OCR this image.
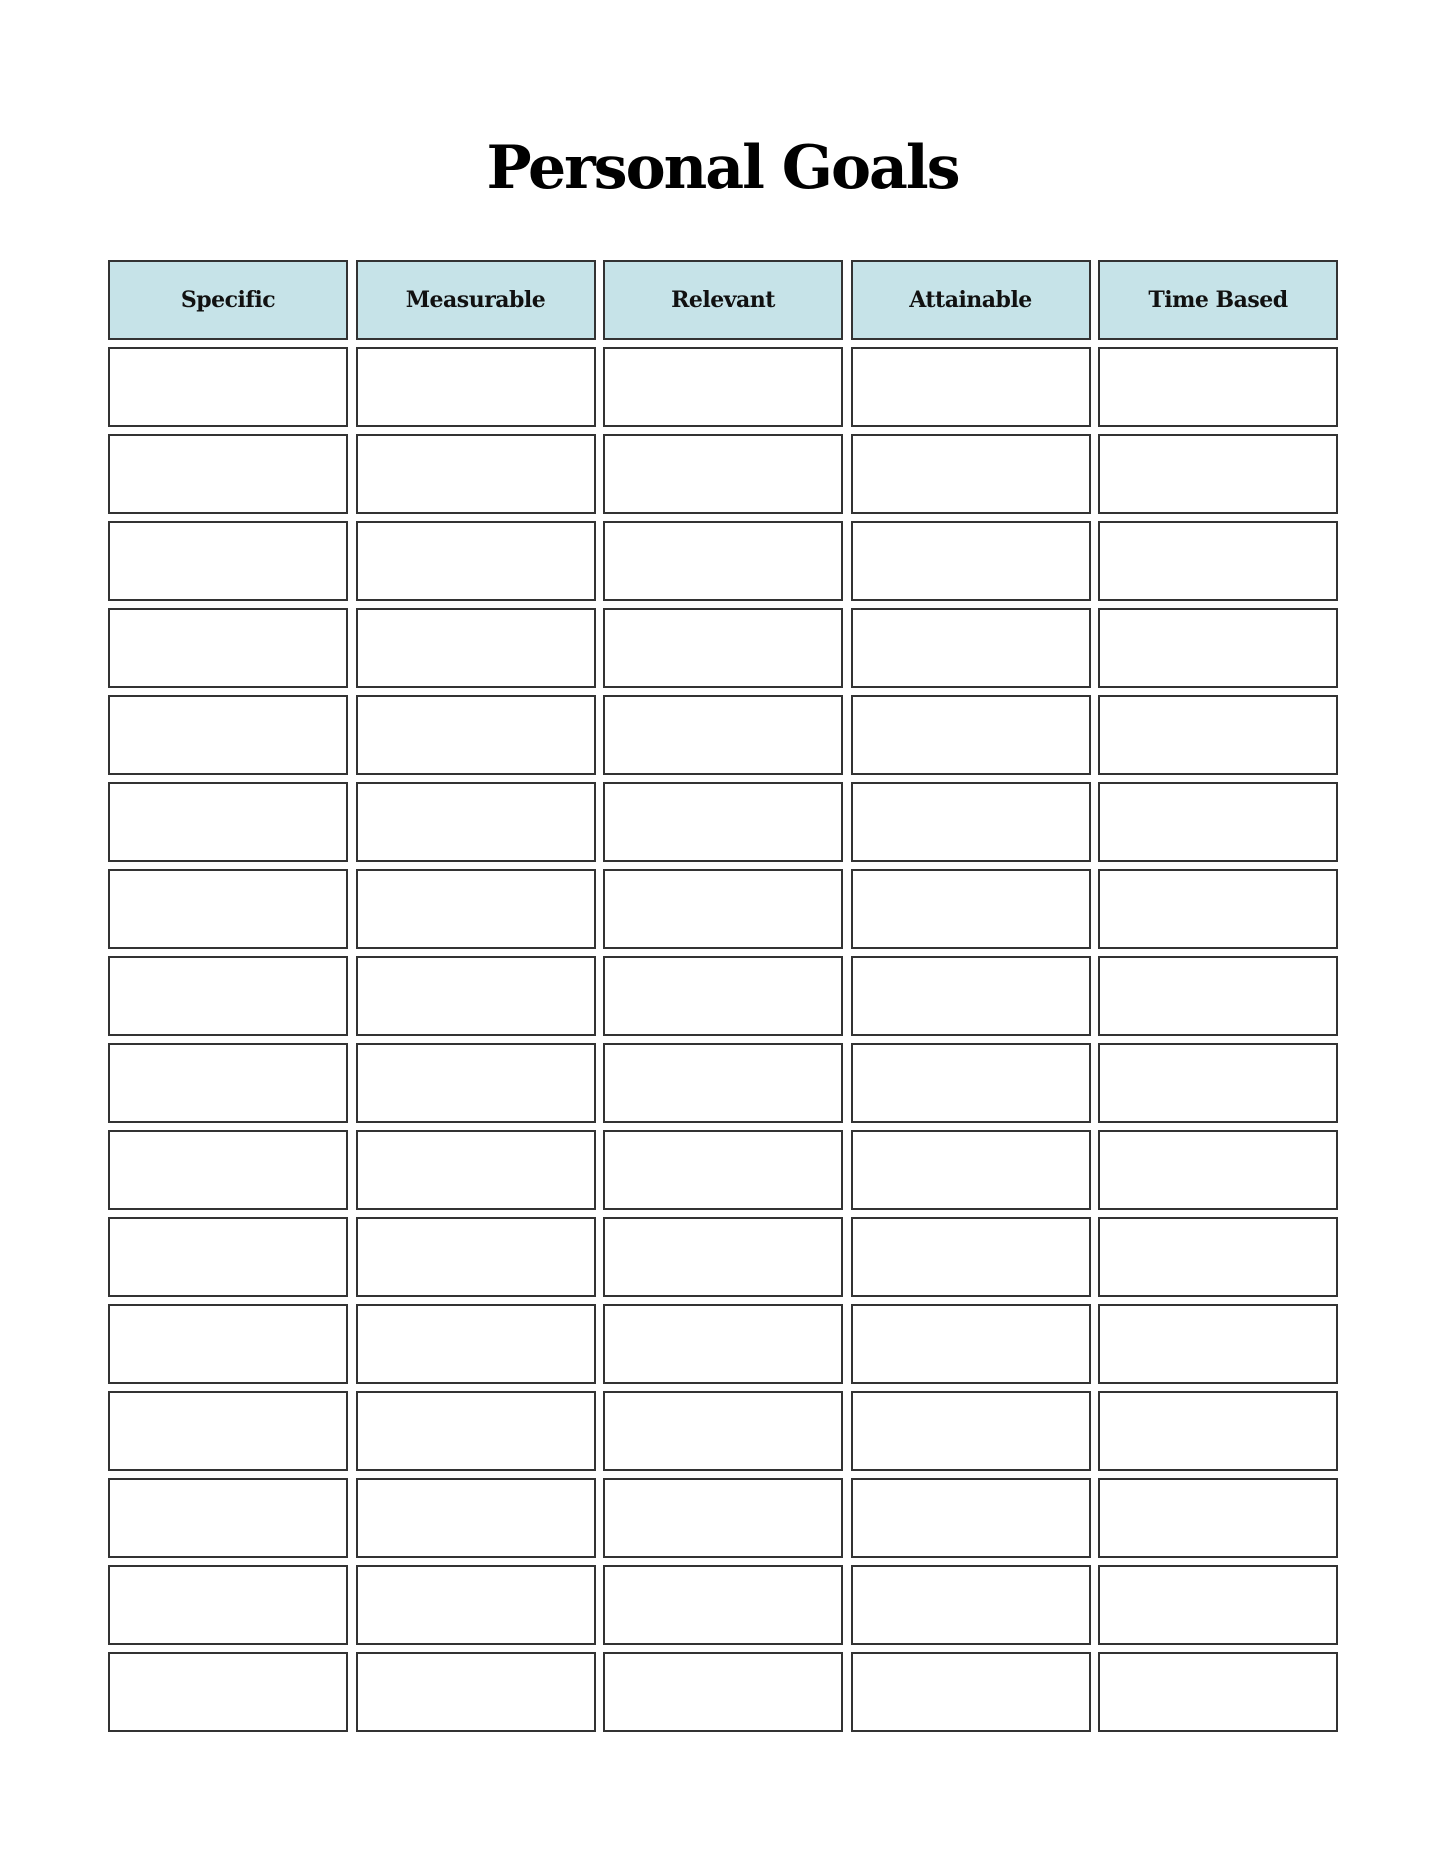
Personal Goals
Specific	Measurable	Relevant	Attainable	Time Based
